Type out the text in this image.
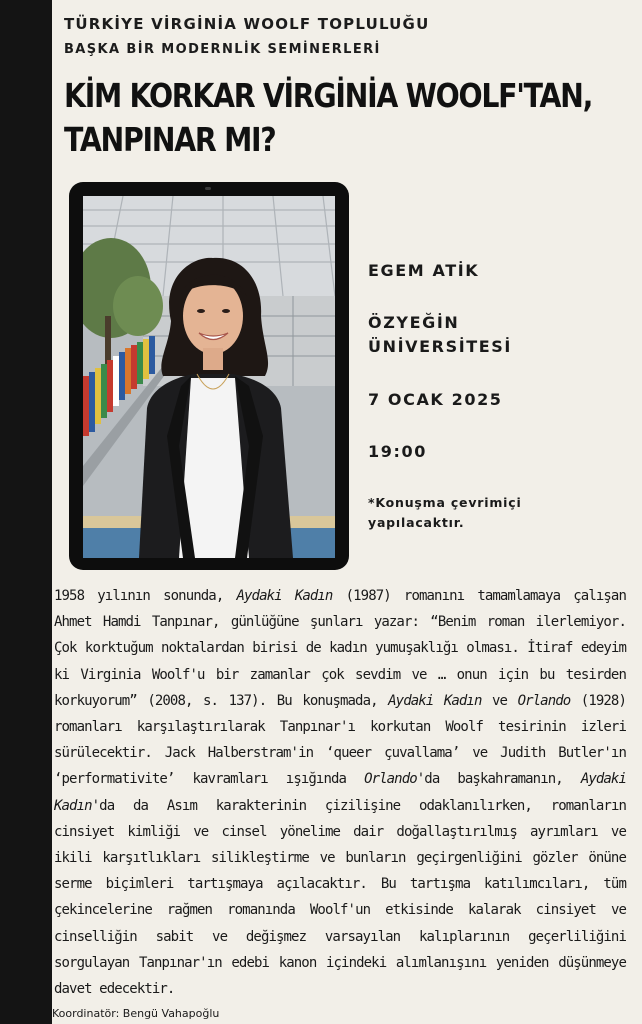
TÜRKİYE VİRGİNİA WOOLF TOPLULUĞU
BAŞKA BİR MODERNLİK SEMİNERLERİ
KİM KORKAR VİRGİNİA WOOLF'TAN,
TANPINAR MI?
EGEM ATİK
ÖZYEĞİN
ÜNİVERSİTESİ
7 OCAK 2025
19:00
*Konuşma çevrimiçi
yapılacaktır.
1958 yılının sonunda, Aydaki Kadın (1987) romanını tamamlamaya çalışan Ahmet Hamdi Tanpınar, günlüğüne şunları yazar: “Benim roman ilerlemiyor. Çok korktuğum noktalardan birisi de kadın yumuşaklığı olması. İtiraf edeyim ki Virginia Woolf'u bir zamanlar çok sevdim ve … onun için bu tesirden korkuyorum” (2008, s. 137). Bu konuşmada, Aydaki Kadın ve Orlando (1928) romanları karşılaştırılarak Tanpınar'ı korkutan Woolf tesirinin izleri sürülecektir. Jack Halberstram'in ‘queer çuvallama’ ve Judith Butler'ın ‘performativite’ kavramları ışığında Orlando'da başkahramanın, Aydaki Kadın'da da Asım karakterinin çizilişine odaklanılırken, romanların cinsiyet kimliği ve cinsel yönelime dair doğallaştırılmış ayrımları ve ikili karşıtlıkları silikleştirme ve bunların geçirgenliğini gözler önüne serme biçimleri tartışmaya açılacaktır. Bu tartışma katılımcıları, tüm çekincelerine rağmen romanında Woolf'un etkisinde kalarak cinsiyet ve cinselliğin sabit ve değişmez varsayılan kalıplarının geçerliliğini sorgulayan Tanpınar'ın edebi kanon içindeki alımlanışını yeniden düşünmeye davet edecektir.
Koordinatör: Bengü Vahapoğlu
